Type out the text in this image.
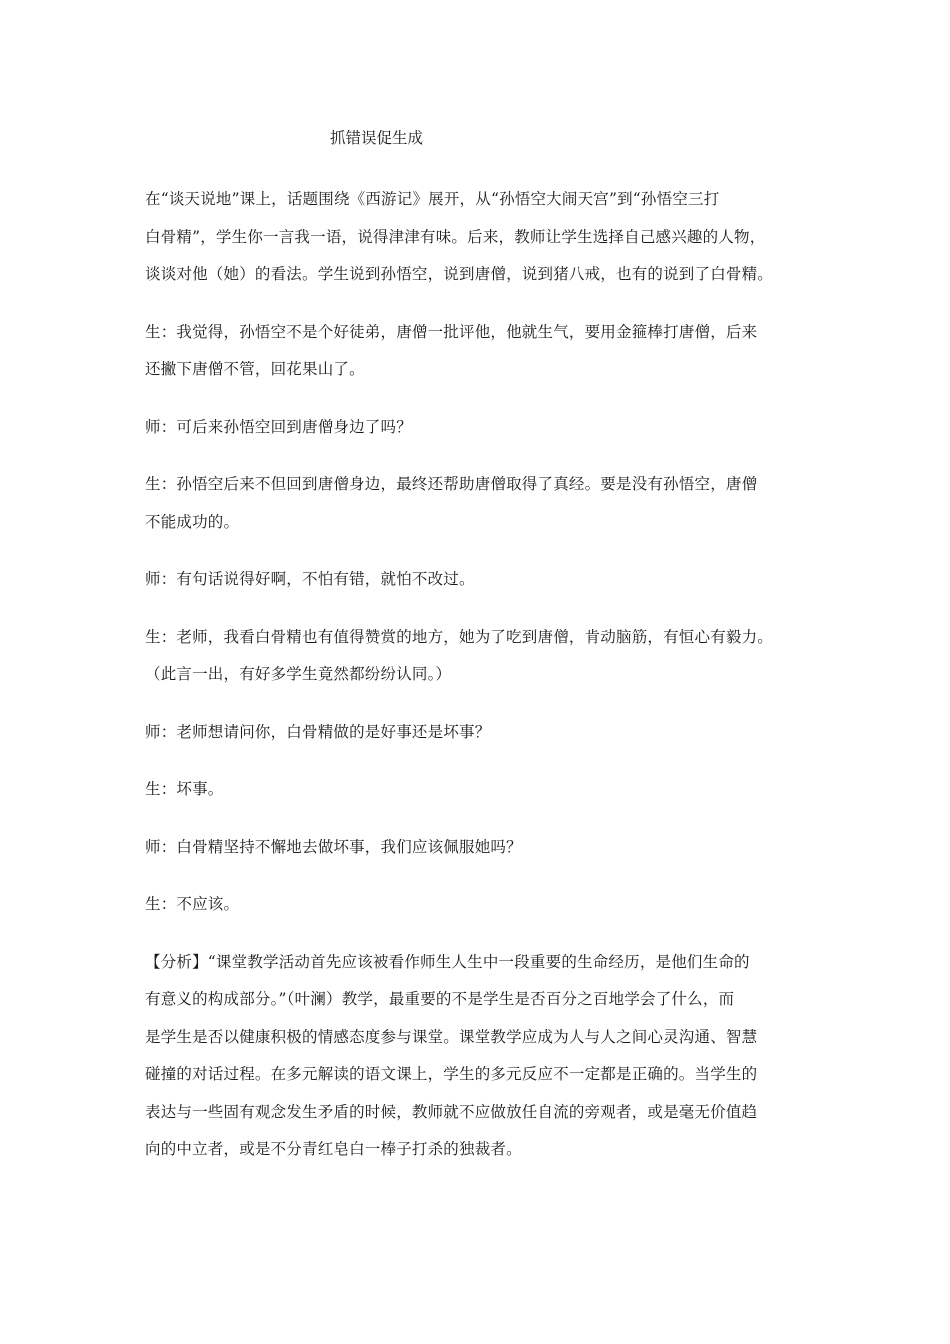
抓错误促生成

在“谈天说地”课上，话题围绕《西游记》展开，从“孙悟空大闹天宫”到“孙悟空三打
白骨精”，学生你一言我一语，说得津津有味。后来，教师让学生选择自己感兴趣的人物，
谈谈对他（她）的看法。学生说到孙悟空，说到唐僧，说到猪八戒，也有的说到了白骨精。

生：我觉得，孙悟空不是个好徒弟，唐僧一批评他，他就生气，要用金箍棒打唐僧，后来
还撇下唐僧不管，回花果山了。

师：可后来孙悟空回到唐僧身边了吗？

生：孙悟空后来不但回到唐僧身边，最终还帮助唐僧取得了真经。要是没有孙悟空，唐僧
不能成功的。

师：有句话说得好啊，不怕有错，就怕不改过。

生：老师，我看白骨精也有值得赞赏的地方，她为了吃到唐僧，肯动脑筋，有恒心有毅力。
（此言一出，有好多学生竟然都纷纷认同。）

师：老师想请问你，白骨精做的是好事还是坏事？

生：坏事。

师：白骨精坚持不懈地去做坏事，我们应该佩服她吗？

生：不应该。

【分析】“课堂教学活动首先应该被看作师生人生中一段重要的生命经历，是他们生命的
有意义的构成部分。”（叶澜）教学，最重要的不是学生是否百分之百地学会了什么，而
是学生是否以健康积极的情感态度参与课堂。课堂教学应成为人与人之间心灵沟通、智慧
碰撞的对话过程。在多元解读的语文课上，学生的多元反应不一定都是正确的。当学生的
表达与一些固有观念发生矛盾的时候，教师就不应做放任自流的旁观者，或是毫无价值趋
向的中立者，或是不分青红皂白一棒子打杀的独裁者。
